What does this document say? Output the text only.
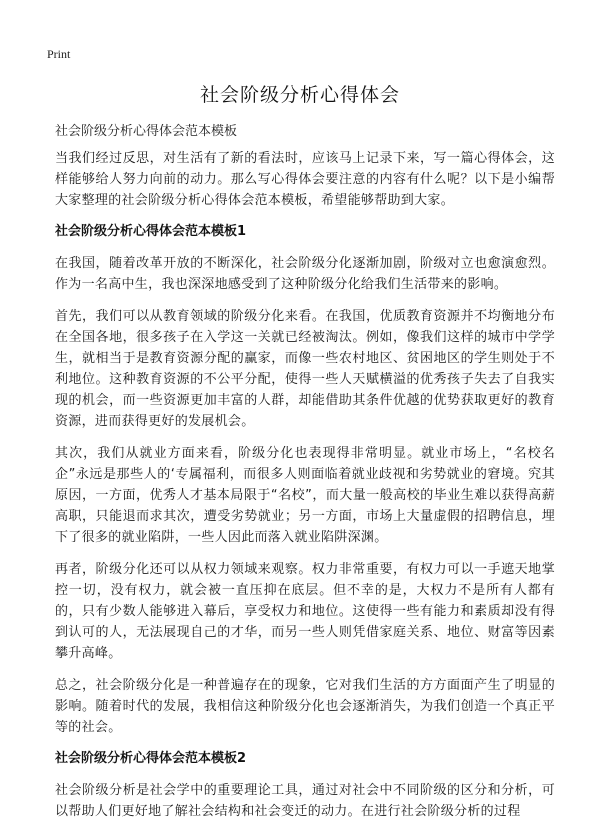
Print
社会阶级分析心得体会
社会阶级分析心得体会范本模板

当我们经过反思，对生活有了新的看法时，应该马上记录下来，写一篇心得体会，这样能够给人努力向前的动力。那么写心得体会要注意的内容有什么呢？以下是小编帮大家整理的社会阶级分析心得体会范本模板，希望能够帮助到大家。

社会阶级分析心得体会范本模板1

在我国，随着改革开放的不断深化，社会阶级分化逐渐加剧，阶级对立也愈演愈烈。作为一名高中生，我也深深地感受到了这种阶级分化给我们生活带来的影响。

首先，我们可以从教育领域的阶级分化来看。在我国，优质教育资源并不均衡地分布在全国各地，很多孩子在入学这一关就已经被淘汰。例如，像我们这样的城市中学学生，就相当于是教育资源分配的赢家，而像一些农村地区、贫困地区的学生则处于不利地位。这种教育资源的不公平分配，使得一些人天赋横溢的优秀孩子失去了自我实现的机会，而一些资源更加丰富的人群，却能借助其条件优越的优势获取更好的教育资源，进而获得更好的发展机会。

其次，我们从就业方面来看，阶级分化也表现得非常明显。就业市场上，“名校名企”永远是那些人的‘专属福利，而很多人则面临着就业歧视和劣势就业的窘境。究其原因，一方面，优秀人才基本局限于“名校”，而大量一般高校的毕业生难以获得高薪高职，只能退而求其次，遭受劣势就业；另一方面，市场上大量虚假的招聘信息，埋下了很多的就业陷阱，一些人因此而落入就业陷阱深渊。

再者，阶级分化还可以从权力领域来观察。权力非常重要，有权力可以一手遮天地掌控一切，没有权力，就会被一直压抑在底层。但不幸的是，大权力不是所有人都有的，只有少数人能够进入幕后，享受权力和地位。这使得一些有能力和素质却没有得到认可的人，无法展现自己的才华，而另一些人则凭借家庭关系、地位、财富等因素攀升高峰。

总之，社会阶级分化是一种普遍存在的现象，它对我们生活的方方面面产生了明显的影响。随着时代的发展，我相信这种阶级分化也会逐渐消失，为我们创造一个真正平等的社会。

社会阶级分析心得体会范本模板2

社会阶级分析是社会学中的重要理论工具，通过对社会中不同阶级的区分和分析，可以帮助人们更好地了解社会结构和社会变迁的动力。在进行社会阶级分析的过程
